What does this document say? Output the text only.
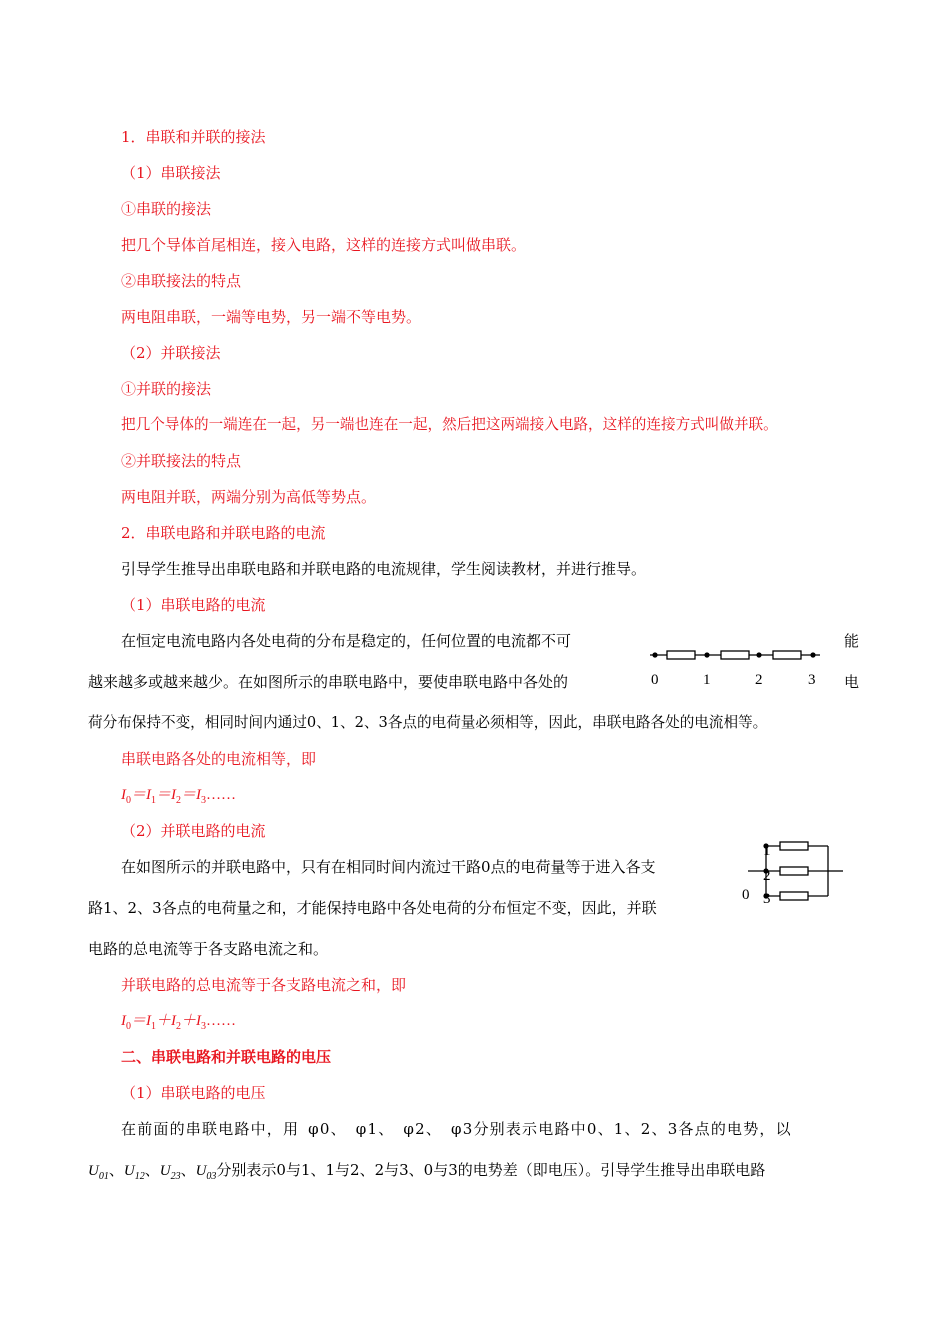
1．串联和并联的接法
（1）串联接法
①串联的接法
把几个导体首尾相连，接入电路，这样的连接方式叫做串联。
②串联接法的特点
两电阻串联，一端等电势，另一端不等电势。
（2）并联接法
①并联的接法
把几个导体的一端连在一起，另一端也连在一起，然后把这两端接入电路，这样的连接方式叫做并联。
②并联接法的特点
两电阻并联，两端分别为高低等势点。
2．串联电路和并联电路的电流
引导学生推导出串联电路和并联电路的电流规律，学生阅读教材，并进行推导。
（1）串联电路的电流
在恒定电流电路内各处电荷的分布是稳定的，任何位置的电流都不可	能
越来越多或越来越少。在如图所示的串联电路中，要使串联电路中各处的	电
荷分布保持不变，相同时间内通过0、1、2、3各点的电荷量必须相等，因此，串联电路各处的电流相等。
0	1	2	3
串联电路各处的电流相等，即
$I_0=I_1=I_2=I_3\dots\dots$
（2）并联电路的电流
在如图所示的并联电路中，只有在相同时间内流过干路0点的电荷量等于进入各支
路1、2、3各点的电荷量之和，才能保持电路中各处电荷的分布恒定不变，因此，并联
电路的总电流等于各支路电流之和。
0
1
2
3
并联电路的总电流等于各支路电流之和，即
$I_0=I_1+I_2+I_3\dots\dots$
二、串联电路和并联电路的电压
（1）串联电路的电压
在前面的串联电路中，用 φ0、 φ1、 φ2、 φ3分别表示电路中0、1、2、3各点的电势，以
$U_{01}$、$U_{12}$、$U_{23}$、$U_{03}$分别表示0与1、1与2、2与3、0与3的电势差（即电压）。引导学生推导出串联电路
